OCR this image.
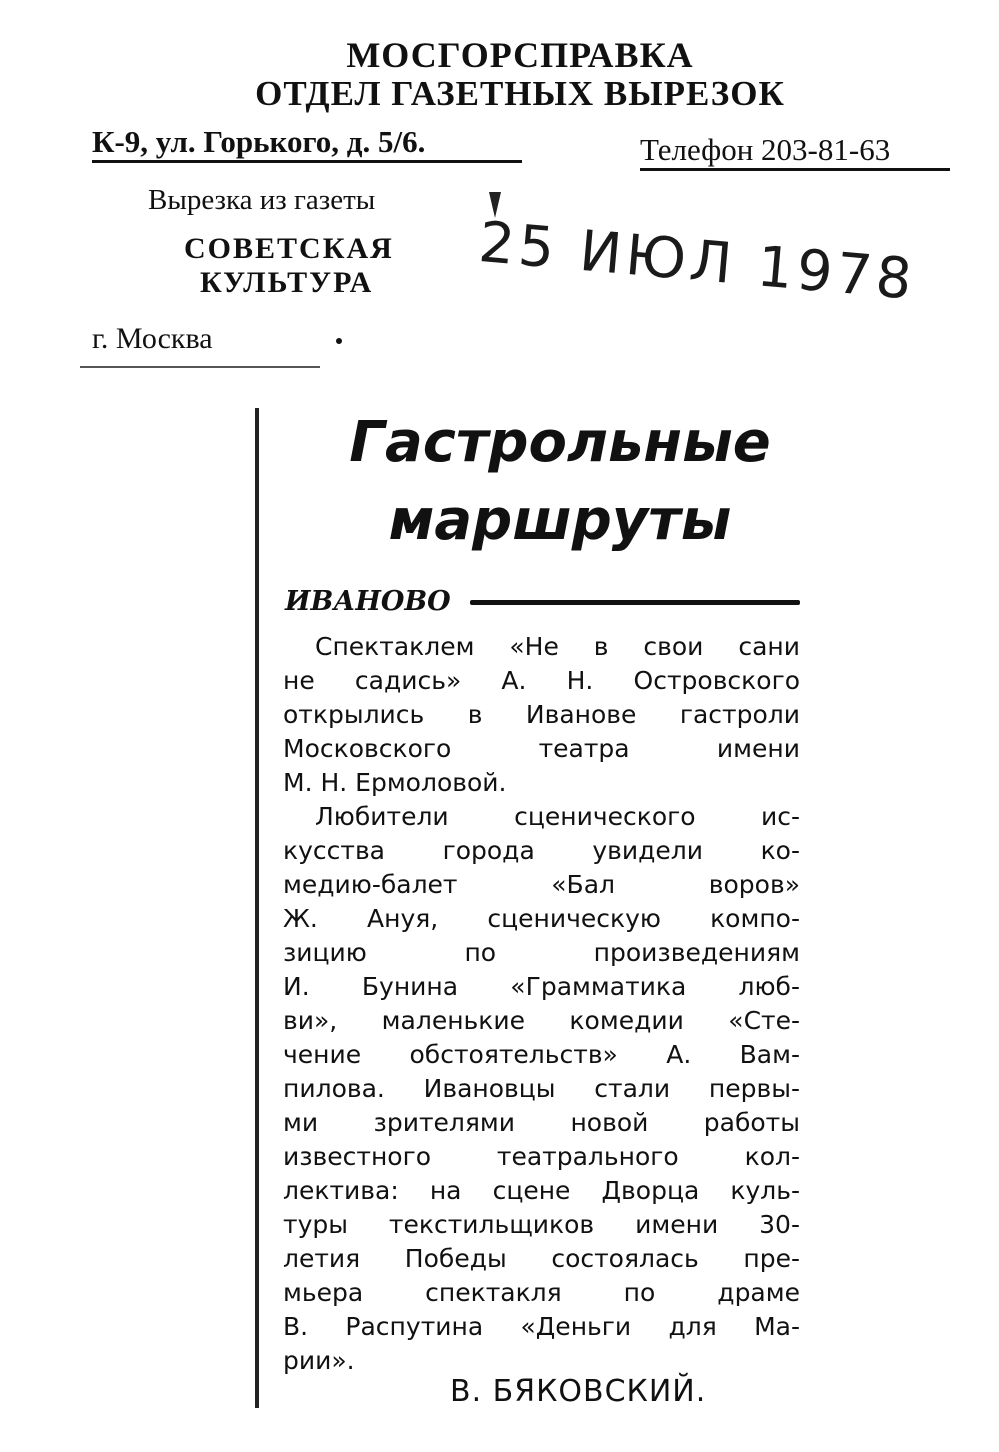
МОСГОРСПРАВКА
ОТДЕЛ ГАЗЕТНЫХ ВЫРЕЗОК
К-9, ул. Горького, д. 5/6.	Телефон 203-81-63
Вырезка из газеты
СОВЕТСКАЯ
КУЛЬТУРА
г. Москва
25 ИЮЛ 1978
Гастрольные
маршруты
ИВАНОВО
Спектаклем «Не в свои сани
не садись» А. Н. Островского
открылись в Иванове гастроли
Московского театра имени
М. Н. Ермоловой.
Любители сценического ис-
кусства города увидели ко-
медию-балет «Бал воров»
Ж. Ануя, сценическую компо-
зицию по произведениям
И. Бунина «Грамматика люб-
ви», маленькие комедии «Сте-
чение обстоятельств» А. Вам-
пилова. Ивановцы стали первы-
ми зрителями новой работы
известного театрального кол-
лектива: на сцене Дворца куль-
туры текстильщиков имени 30-
летия Победы состоялась пре-
мьера спектакля по драме
В. Распутина «Деньги для Ма-
рии».
В. БЯКОВСКИЙ.
